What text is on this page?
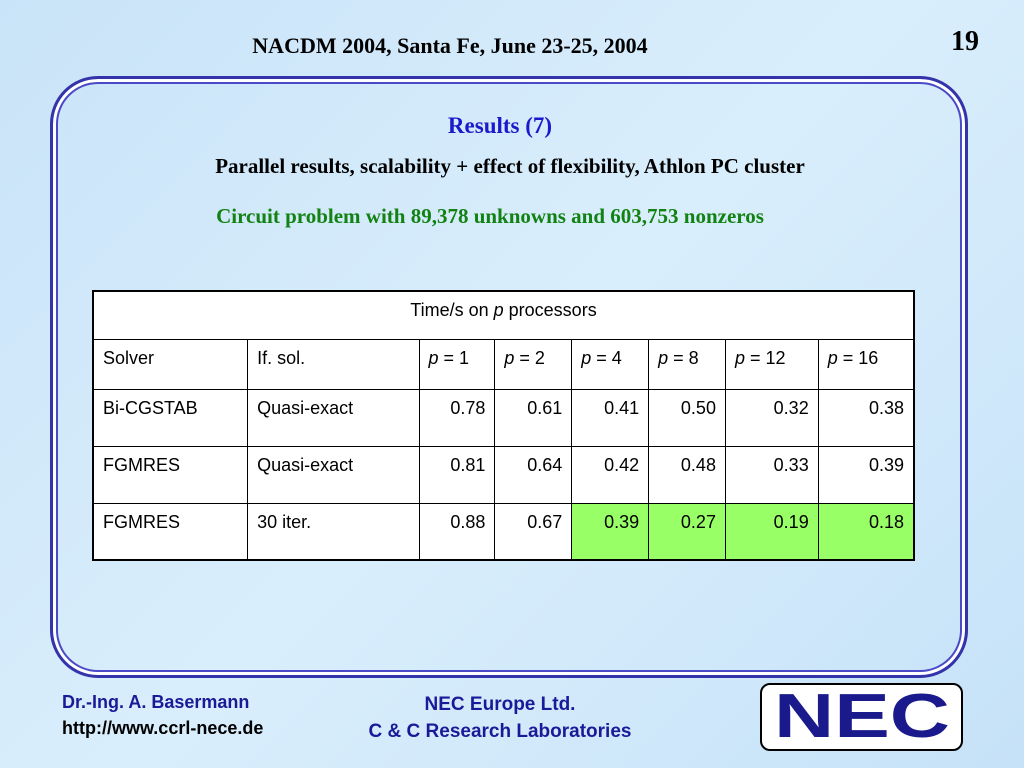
NACDM 2004, Santa Fe, June 23-25, 2004	19
Results (7)
Parallel results, scalability + effect of flexibility, Athlon PC cluster
Circuit problem with 89,378 unknowns and 603,753 nonzeros
Time/s on p processors							
Solver	If. sol.	p = 1	p = 2	p = 4	p = 8	p = 12	p = 16
Bi-CGSTAB	Quasi-exact	0.78	0.61	0.41	0.50	0.32	0.38
FGMRES	Quasi-exact	0.81	0.64	0.42	0.48	0.33	0.39
FGMRES	30 iter.	0.88	0.67	0.39	0.27	0.19	0.18
Dr.-Ing. A. Basermann
http://www.ccrl-nece.de
NEC Europe Ltd.
C & C Research Laboratories	NEC
